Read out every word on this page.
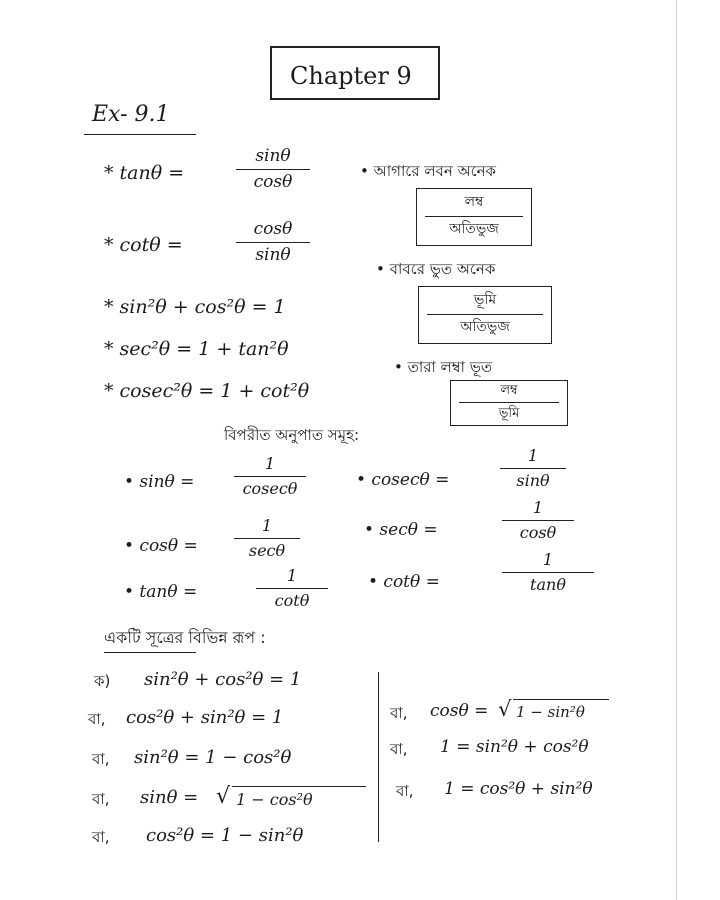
Chapter 9
Ex- 9.1
* tanθ =
sinθ
cosθ
* cotθ =
cosθ
sinθ
* sin²θ + cos²θ = 1
* sec²θ = 1 + tan²θ
* cosec²θ = 1 + cot²θ
• আগারে লবন অনেক
লম্ব
অতিভুজ
• বাবরে ভুত অনেক
ভূমি
অতিভুজ
• তারা লম্বা ভূত
লম্ব
ভূমি
বিপরীত অনুপাত সমূহ:
• sinθ =
1
cosecθ	• cosecθ =
1
sinθ
• cosθ =
1
secθ
• secθ =
1
cosθ
• tanθ =
1
cotθ
• cotθ =
1
tanθ
একটি সূত্রের বিভিন্ন রূপ :
ক) sin²θ + cos²θ = 1
বা, cos²θ + sin²θ = 1
বা, sin²θ = 1 − cos²θ
বা, sinθ = √ 1 − cos²θ
বা, cos²θ = 1 − sin²θ
বা, cosθ = √ 1 − sin²θ
বা, 1 = sin²θ + cos²θ
বা, 1 = cos²θ + sin²θ
